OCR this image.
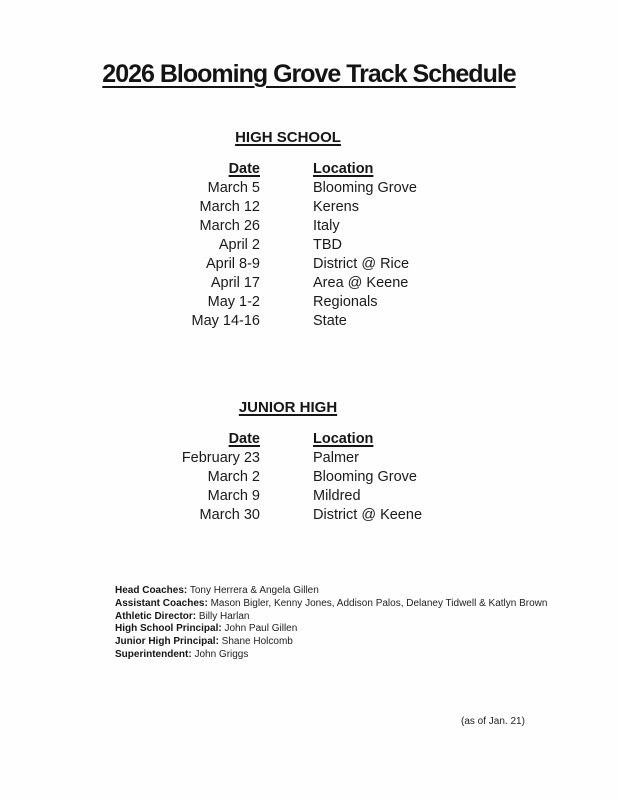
2026 Blooming Grove Track Schedule
HIGH SCHOOL
Date	Location
March 5	Blooming Grove
March 12	Kerens
March 26	Italy
April 2	TBD
April 8-9	District @ Rice
April 17	Area @ Keene
May 1-2	Regionals
May 14-16	State
JUNIOR HIGH
Date	Location
February 23	Palmer
March 2	Blooming Grove
March 9	Mildred
March 30	District @ Keene
Head Coaches: Tony Herrera & Angela Gillen
Assistant Coaches: Mason Bigler, Kenny Jones, Addison Palos, Delaney Tidwell & Katlyn Brown
Athletic Director: Billy Harlan
High School Principal: John Paul Gillen
Junior High Principal: Shane Holcomb
Superintendent: John Griggs
(as of Jan. 21)
